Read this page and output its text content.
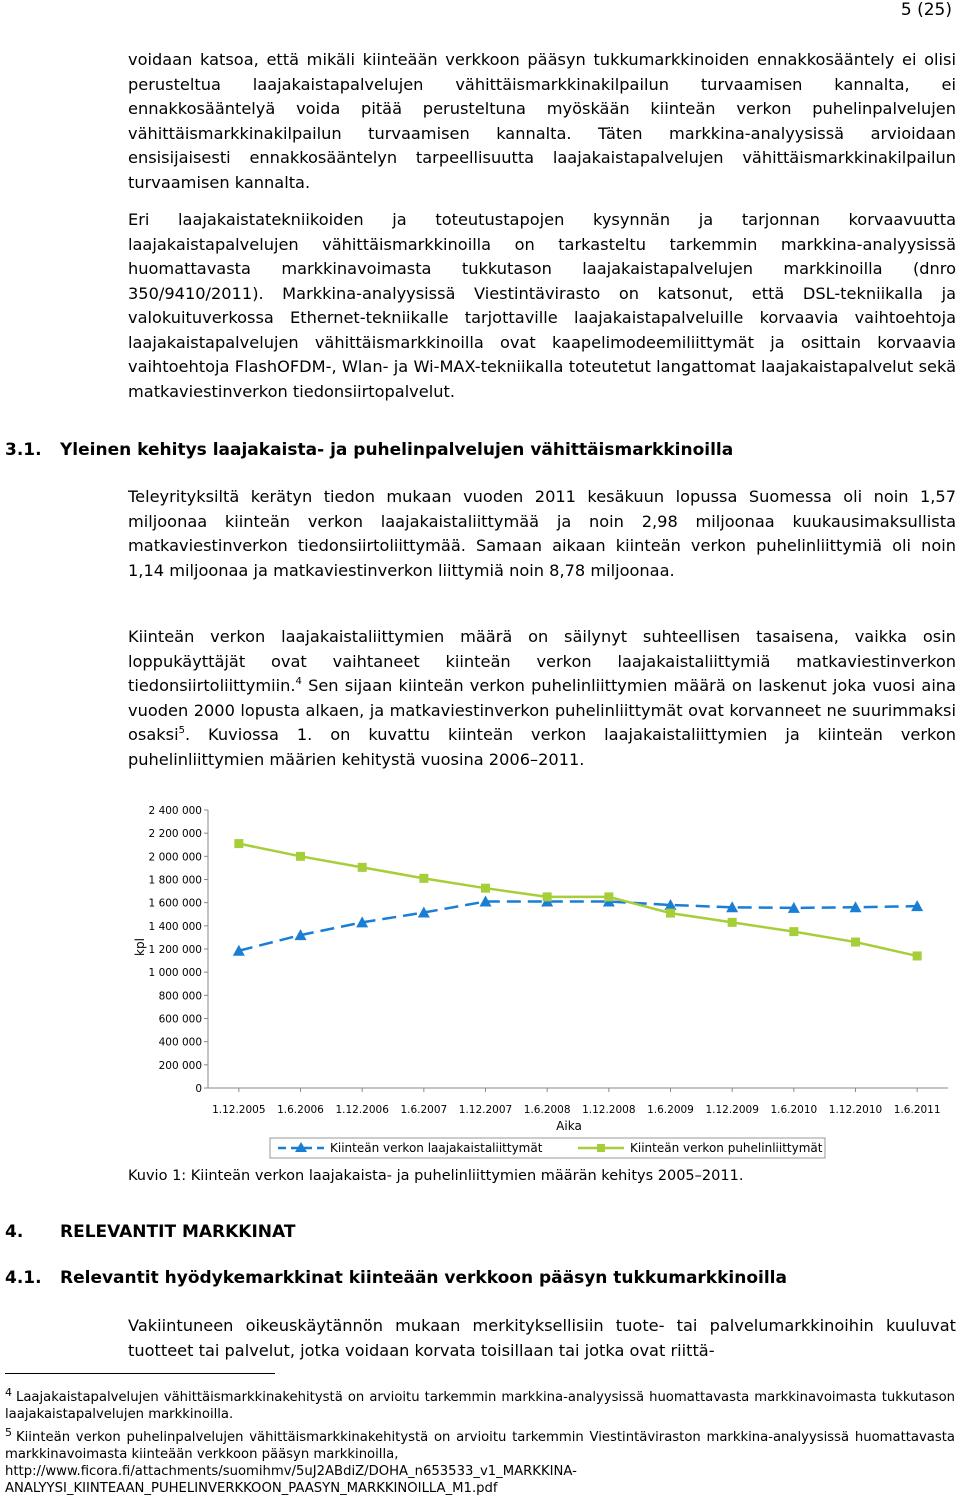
5 (25)
voidaan katsoa, että mikäli kiinteään verkkoon pääsyn tukkumarkkinoiden ennakkosääntely ei olisi perusteltua laajakaistapalvelujen vähittäismarkkinakilpailun turvaamisen kannalta, ei ennakkosääntelyä voida pitää perusteltuna myöskään kiinteän verkon puhelinpalvelujen vähittäismarkkinakilpailun turvaamisen kannalta. Täten markkina-analyysissä arvioidaan ensisijaisesti ennakkosääntelyn tarpeellisuutta laajakaistapalvelujen vähittäismarkkinakilpailun turvaamisen kannalta.
Eri laajakaistatekniikoiden ja toteutustapojen kysynnän ja tarjonnan korvaavuutta laajakaistapalvelujen vähittäismarkkinoilla on tarkasteltu tarkemmin markkina-analyysissä huomattavasta markkinavoimasta tukkutason laajakaistapalvelujen markkinoilla (dnro 350/9410/2011). Markkina-analyysissä Viestintävirasto on katsonut, että DSL-tekniikalla ja valokuituverkossa Ethernet-tekniikalle tarjottaville laajakaistapalveluille korvaavia vaihtoehtoja laajakaistapalvelujen vähittäismarkkinoilla ovat kaapelimodeemiliittymät ja osittain korvaavia vaihtoehtoja FlashOFDM-, Wlan- ja Wi-MAX-tekniikalla toteutetut langattomat laajakaistapalvelut sekä matkaviestinverkon tiedonsiirtopalvelut.
3.1. Yleinen kehitys laajakaista- ja puhelinpalvelujen vähittäismarkkinoilla
Teleyrityksiltä kerätyn tiedon mukaan vuoden 2011 kesäkuun lopussa Suomessa oli noin 1,57 miljoonaa kiinteän verkon laajakaistaliittymää ja noin 2,98 miljoonaa kuukausimaksullista matkaviestinverkon tiedonsiirtoliittymää. Samaan aikaan kiinteän verkon puhelinliittymiä oli noin 1,14 miljoonaa ja matkaviestinverkon liittymiä noin 8,78 miljoonaa.
Kiinteän verkon laajakaistaliittymien määrä on säilynyt suhteellisen tasaisena, vaikka osin loppukäyttäjät ovat vaihtaneet kiinteän verkon laajakaistaliittymiä matkaviestinverkon tiedonsiirtoliittymiin.$^4$ Sen sijaan kiinteän verkon puhelinliittymien määrä on laskenut joka vuosi aina vuoden 2000 lopusta alkaen, ja matkaviestinverkon puhelinliittymät ovat korvanneet ne suurimmaksi osaksi$^5$. Kuviossa 1. on kuvattu kiinteän verkon laajakaistaliittymien ja kiinteän verkon puhelinliittymien määrien kehitystä vuosina 2006–2011.
0
200 000
400 000
600 000
800 000
1 000 000
1 200 000
1 400 000
1 600 000
1 800 000
2 000 000
2 200 000
2 400 000
1.12.2005 1.6.2006 1.12.2006 1.6.2007 1.12.2007 1.6.2008 1.12.2008 1.6.2009 1.12.2009 1.6.2010 1.12.2010 1.6.2011
kpl
Aika
Kiinteän verkon laajakaistaliittymät	Kiinteän verkon puhelinliittymät
Kuvio 1: Kiinteän verkon laajakaista- ja puhelinliittymien määrän kehitys 2005–2011.
4. RELEVANTIT MARKKINAT
4.1. Relevantit hyödykemarkkinat kiinteään verkkoon pääsyn tukkumarkkinoilla
Vakiintuneen oikeuskäytännön mukaan merkityksellisiin tuote- tai palvelumarkkinoihin kuuluvat tuotteet tai palvelut, jotka voidaan korvata toisillaan tai jotka ovat riittä-
$^4$ Laajakaistapalvelujen vähittäismarkkinakehitystä on arvioitu tarkemmin markkina-analyysissä huomattavasta markkinavoimasta tukkutason laajakaistapalvelujen markkinoilla.
$^5$ Kiinteän verkon puhelinpalvelujen vähittäismarkkinakehitystä on arvioitu tarkemmin Viestintäviraston markkina-analyysissä huomattavasta markkinavoimasta kiinteään verkkoon pääsyn markkinoilla,
http://www.ficora.fi/attachments/suomihmv/5uJ2ABdiZ/DOHA_n653533_v1_MARKKINA-
ANALYYSI_KIINTEAAN_PUHELINVERKKOON_PAASYN_MARKKINOILLA_M1.pdf
